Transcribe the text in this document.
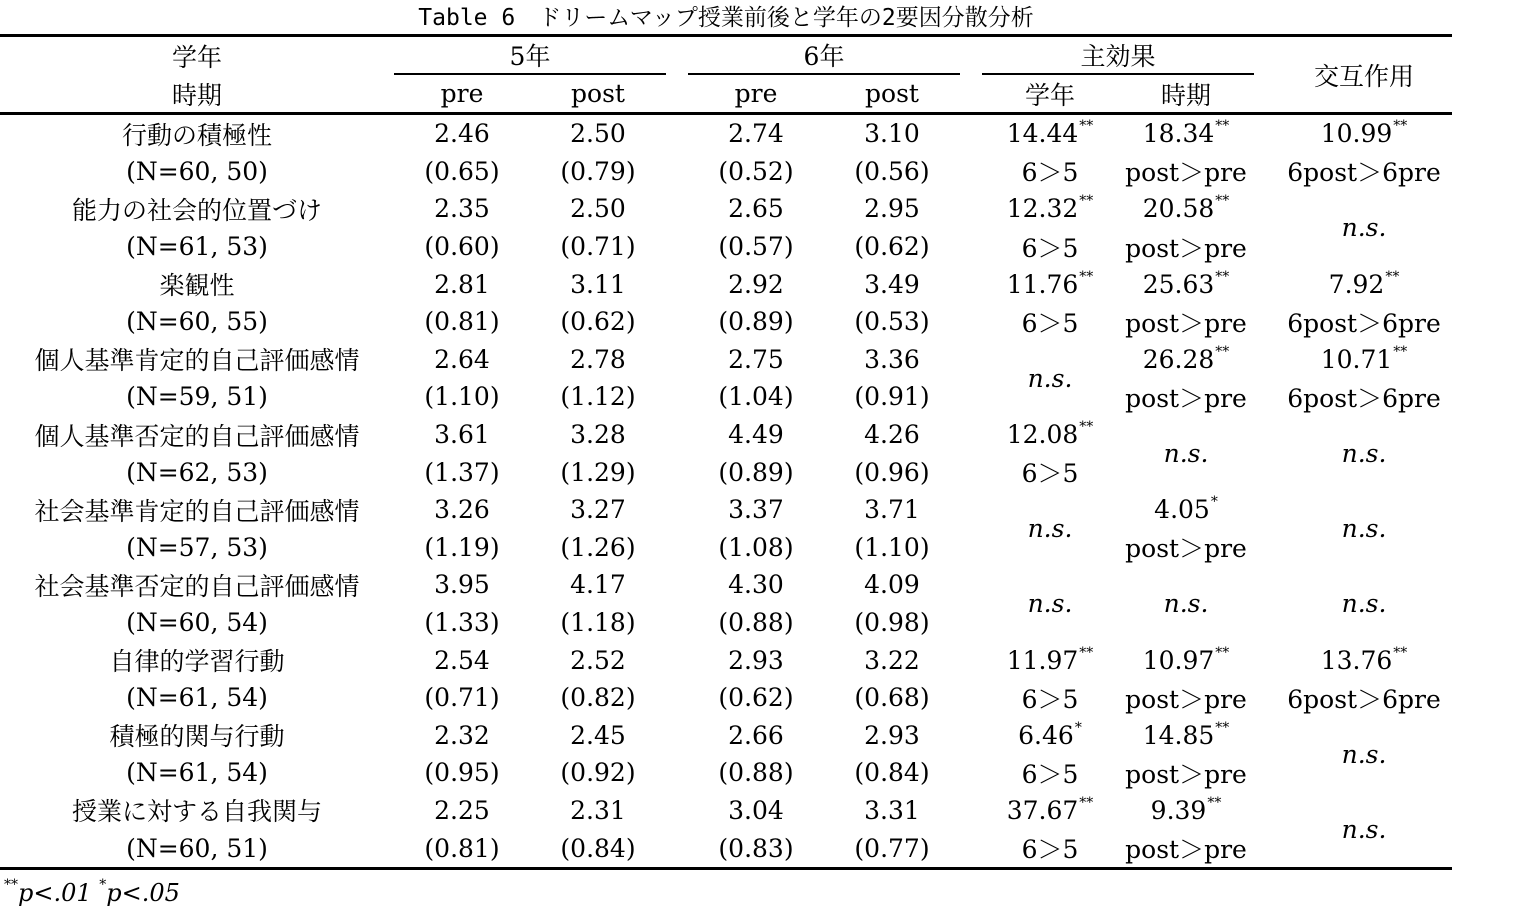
Table 6　ドリームマップ授業前後と学年の2要因分散分析
学年	5年			6年			主効果			交互作用
時期	pre	post		pre	post		学年	時期		
行動の積極性	2.46	2.50		2.74	3.10		14.44**	18.34**		10.99**
(N=60, 50)	(0.65)	(0.79)		(0.52)	(0.56)		6＞5	post＞pre		6post＞6pre
能力の社会的位置づけ	2.35	2.50		2.65	2.95		12.32**	20.58**		n.s.
(N=61, 53)	(0.60)	(0.71)		(0.57)	(0.62)		6＞5	post＞pre		
楽観性	2.81	3.11		2.92	3.49		11.76**	25.63**		7.92**
(N=60, 55)	(0.81)	(0.62)		(0.89)	(0.53)		6＞5	post＞pre		6post＞6pre
個人基準肯定的自己評価感情	2.64	2.78		2.75	3.36		n.s.	26.28**		10.71**
(N=59, 51)	(1.10)	(1.12)		(1.04)	(0.91)			post＞pre		6post＞6pre
個人基準否定的自己評価感情	3.61	3.28		4.49	4.26		12.08**	n.s.		n.s.
(N=62, 53)	(1.37)	(1.29)		(0.89)	(0.96)		6＞5			
社会基準肯定的自己評価感情	3.26	3.27		3.37	3.71		n.s.	4.05*		n.s.
(N=57, 53)	(1.19)	(1.26)		(1.08)	(1.10)			post＞pre		
社会基準否定的自己評価感情	3.95	4.17		4.30	4.09		n.s.	n.s.		n.s.
(N=60, 54)	(1.33)	(1.18)		(0.88)	(0.98)					
自律的学習行動	2.54	2.52		2.93	3.22		11.97**	10.97**		13.76**
(N=61, 54)	(0.71)	(0.82)		(0.62)	(0.68)		6＞5	post＞pre		6post＞6pre
積極的関与行動	2.32	2.45		2.66	2.93		6.46*	14.85**		n.s.
(N=61, 54)	(0.95)	(0.92)		(0.88)	(0.84)		6＞5	post＞pre		
授業に対する自我関与	2.25	2.31		3.04	3.31		37.67**	9.39**		n.s.
(N=60, 51)	(0.81)	(0.84)		(0.83)	(0.77)		6＞5	post＞pre		
**p<.01 *p<.05
